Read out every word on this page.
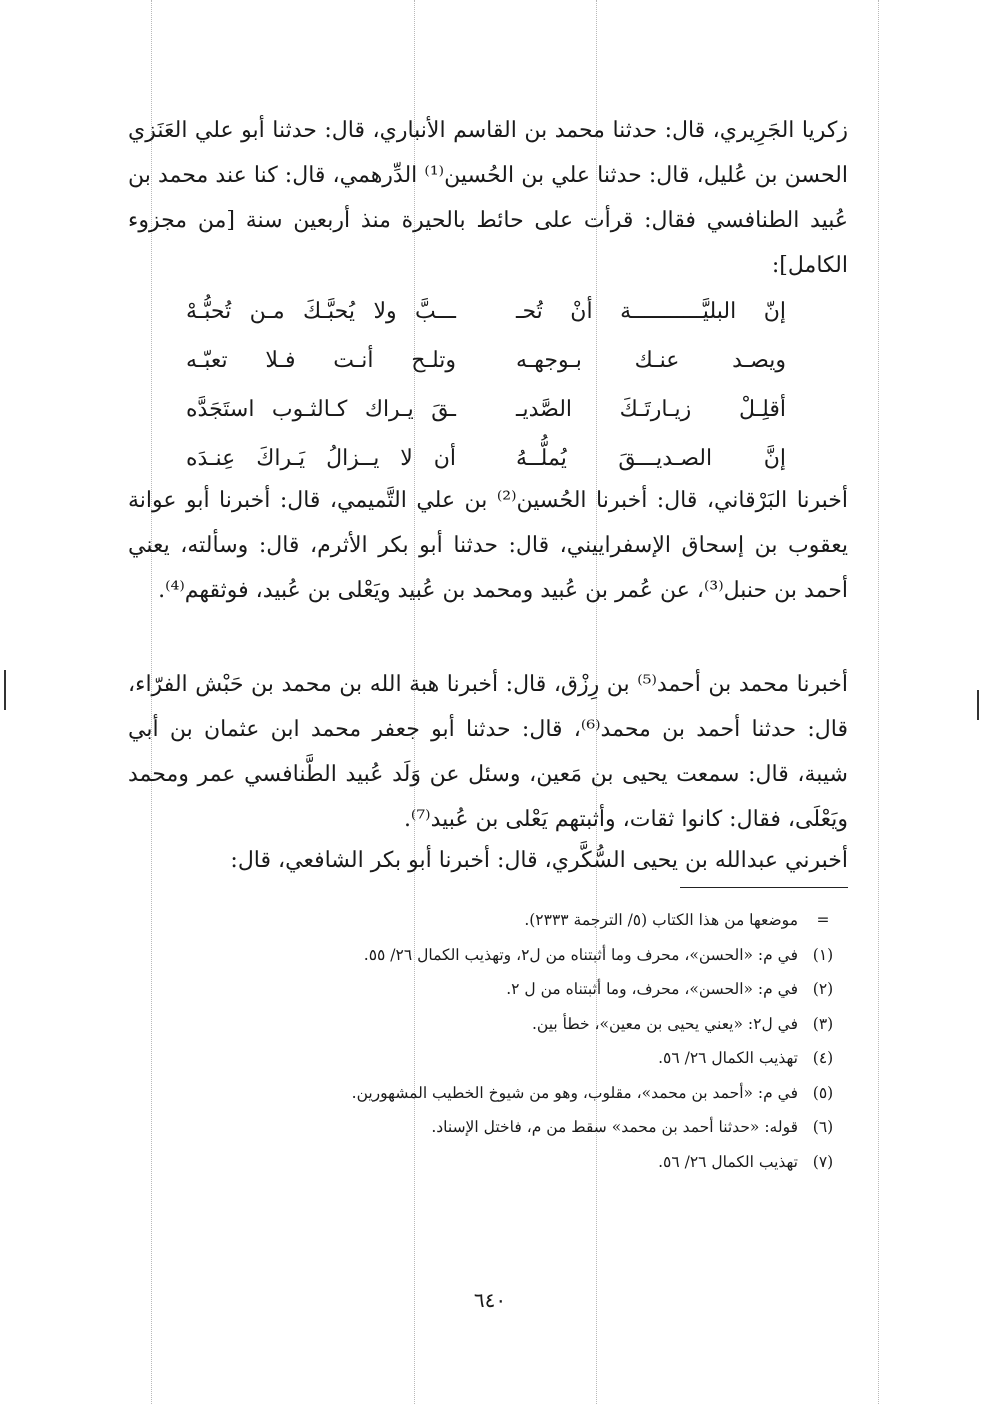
زكريا الجَرِيري، قال: حدثنا محمد بن القاسم الأنباري، قال: حدثنا أبو علي العَنَزي الحسن بن عُليل، قال: حدثنا علي بن الحُسين⁽¹⁾ الدِّرهمي، قال: كنا عند محمد بن عُبيد الطنافسي فقال: قرأت على حائط بالحيرة منذ أربعين سنة [من مجزوء الكامل]:

إنّ البليَّـــــــــــة أنْ تُحـ
ـــبَّ ولا يُحبَّـكَ مـن تُحبُّـهْ
ويصـد عنـك بـوجهـه
وتلـح أنـت فـلا تعبّـه
أقلِـلْ زيـارتَـكَ الصَّديـ
ـقَ يـراك كـالثـوب استَجَدَّه
إنَّ الصـديـــقَ يُملُّــهُ
أن لا يــزالُ يَـراكَ عِنـدَه

أخبرنا البَرْقاني، قال: أخبرنا الحُسين⁽²⁾ بن علي التَّميمي، قال: أخبرنا أبو عوانة يعقوب بن إسحاق الإسفراييني، قال: حدثنا أبو بكر الأثرم، قال: وسألته، يعني أحمد بن حنبل⁽³⁾، عن عُمر بن عُبيد ومحمد بن عُبيد ويَعْلى بن عُبيد، فوثقهم⁽⁴⁾.

أخبرنا محمد بن أحمد⁽⁵⁾ بن رِزْق، قال: أخبرنا هبة الله بن محمد بن حَبْش الفرّاء، قال: حدثنا أحمد بن محمد⁽⁶⁾، قال: حدثنا أبو جعفر محمد ابن عثمان بن أبي شيبة، قال: سمعت يحيى بن مَعين، وسئل عن وَلَد عُبيد الطَّنافسي عمر ومحمد ويَعْلَى، فقال: كانوا ثقات، وأثبتهم يَعْلى بن عُبيد⁽⁷⁾.

أخبرني عبدالله بن يحيى السُّكَّري، قال: أخبرنا أبو بكر الشافعي، قال:

=
موضعها من هذا الكتاب (٥/ الترجمة ٢٣٣٣).
(١)
في م: «الحسن»، محرف وما أثبتناه من ل٢، وتهذيب الكمال ٢٦/ ٥٥.
(٢)
في م: «الحسن»، محرف، وما أثبتناه من ل ٢.
(٣)
في ل٢: «يعني يحيى بن معين»، خطأ بين.
(٤)
تهذيب الكمال ٢٦/ ٥٦.
(٥)
في م: «أحمد بن محمد»، مقلوب، وهو من شيوخ الخطيب المشهورين.
(٦)
قوله: «حدثنا أحمد بن محمد» سقط من م، فاختل الإسناد.
(٧)
تهذيب الكمال ٢٦/ ٥٦.
٦٤٠
